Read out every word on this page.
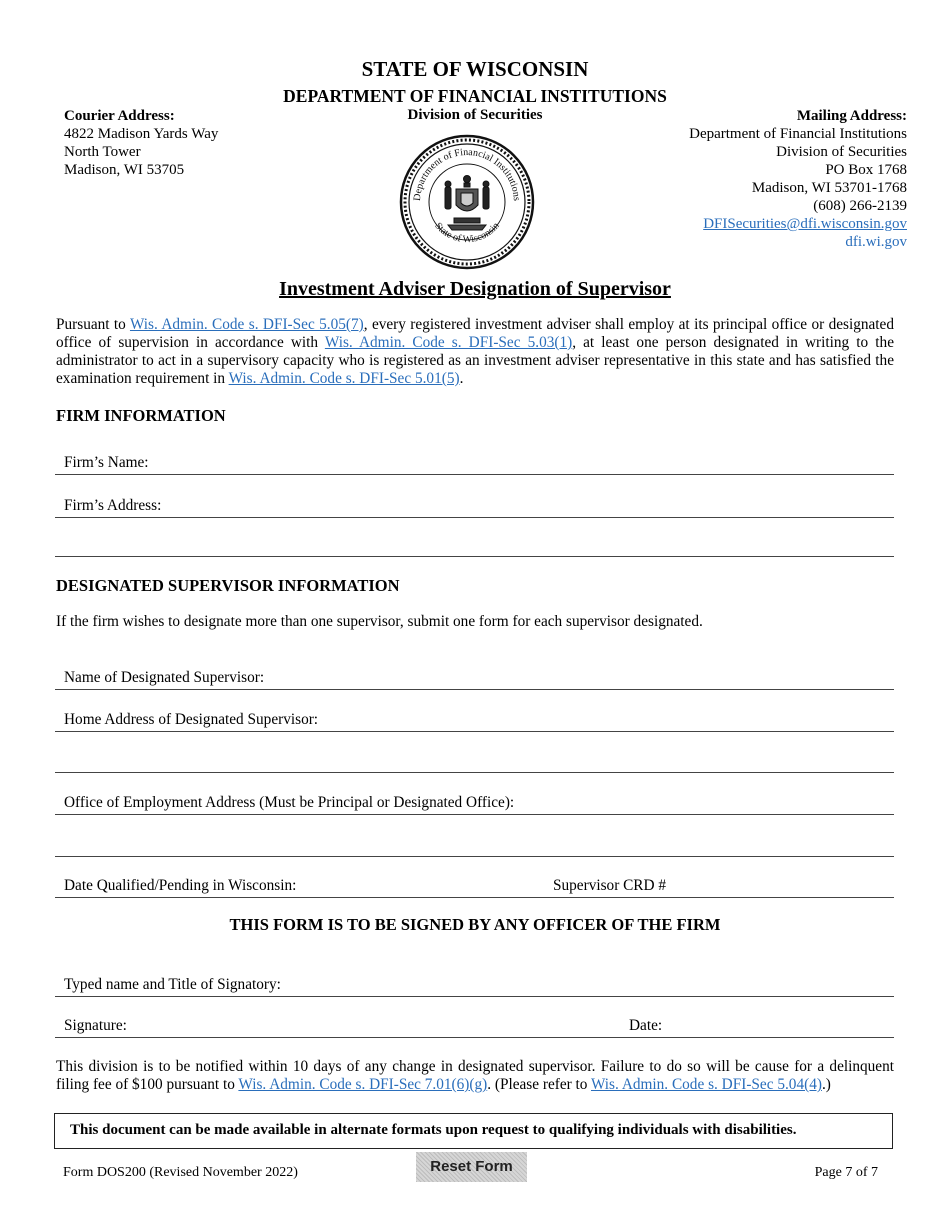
STATE OF WISCONSIN
DEPARTMENT OF FINANCIAL INSTITUTIONS
Division of Securities
Courier Address:
4822 Madison Yards Way
North Tower
Madison, WI 53705
Mailing Address:
Department of Financial Institutions
Division of Securities
PO Box 1768
Madison, WI 53701-1768
(608) 266-2139
DFISecurities@dfi.wisconsin.gov
dfi.wi.gov
Department of Financial Institutions
State of Wisconsin
Investment Adviser Designation of Supervisor
Pursuant to Wis. Admin. Code s. DFI-Sec 5.05(7), every registered investment adviser shall employ at its principal office or designated office of supervision in accordance with Wis. Admin. Code s. DFI-Sec 5.03(1), at least one person designated in writing to the administrator to act in a supervisory capacity who is registered as an investment adviser representative in this state and has satisfied the examination requirement in Wis. Admin. Code s. DFI-Sec 5.01(5).
FIRM INFORMATION
Firm’s Name:
Firm’s Address:
DESIGNATED SUPERVISOR INFORMATION
If the firm wishes to designate more than one supervisor, submit one form for each supervisor designated.
Name of Designated Supervisor:
Home Address of Designated Supervisor:
Office of Employment Address (Must be Principal or Designated Office):
Date Qualified/Pending in Wisconsin:	Supervisor CRD #
THIS FORM IS TO BE SIGNED BY ANY OFFICER OF THE FIRM
Typed name and Title of Signatory:
Signature:	Date:
This division is to be notified within 10 days of any change in designated supervisor. Failure to do so will be cause for a delinquent filing fee of $100 pursuant to Wis. Admin. Code s. DFI-Sec 7.01(6)(g). (Please refer to Wis. Admin. Code s. DFI-Sec 5.04(4).)
This document can be made available in alternate formats upon request to qualifying individuals with disabilities.
Form DOS200 (Revised November 2022)	Reset Form	Page 7 of 7
